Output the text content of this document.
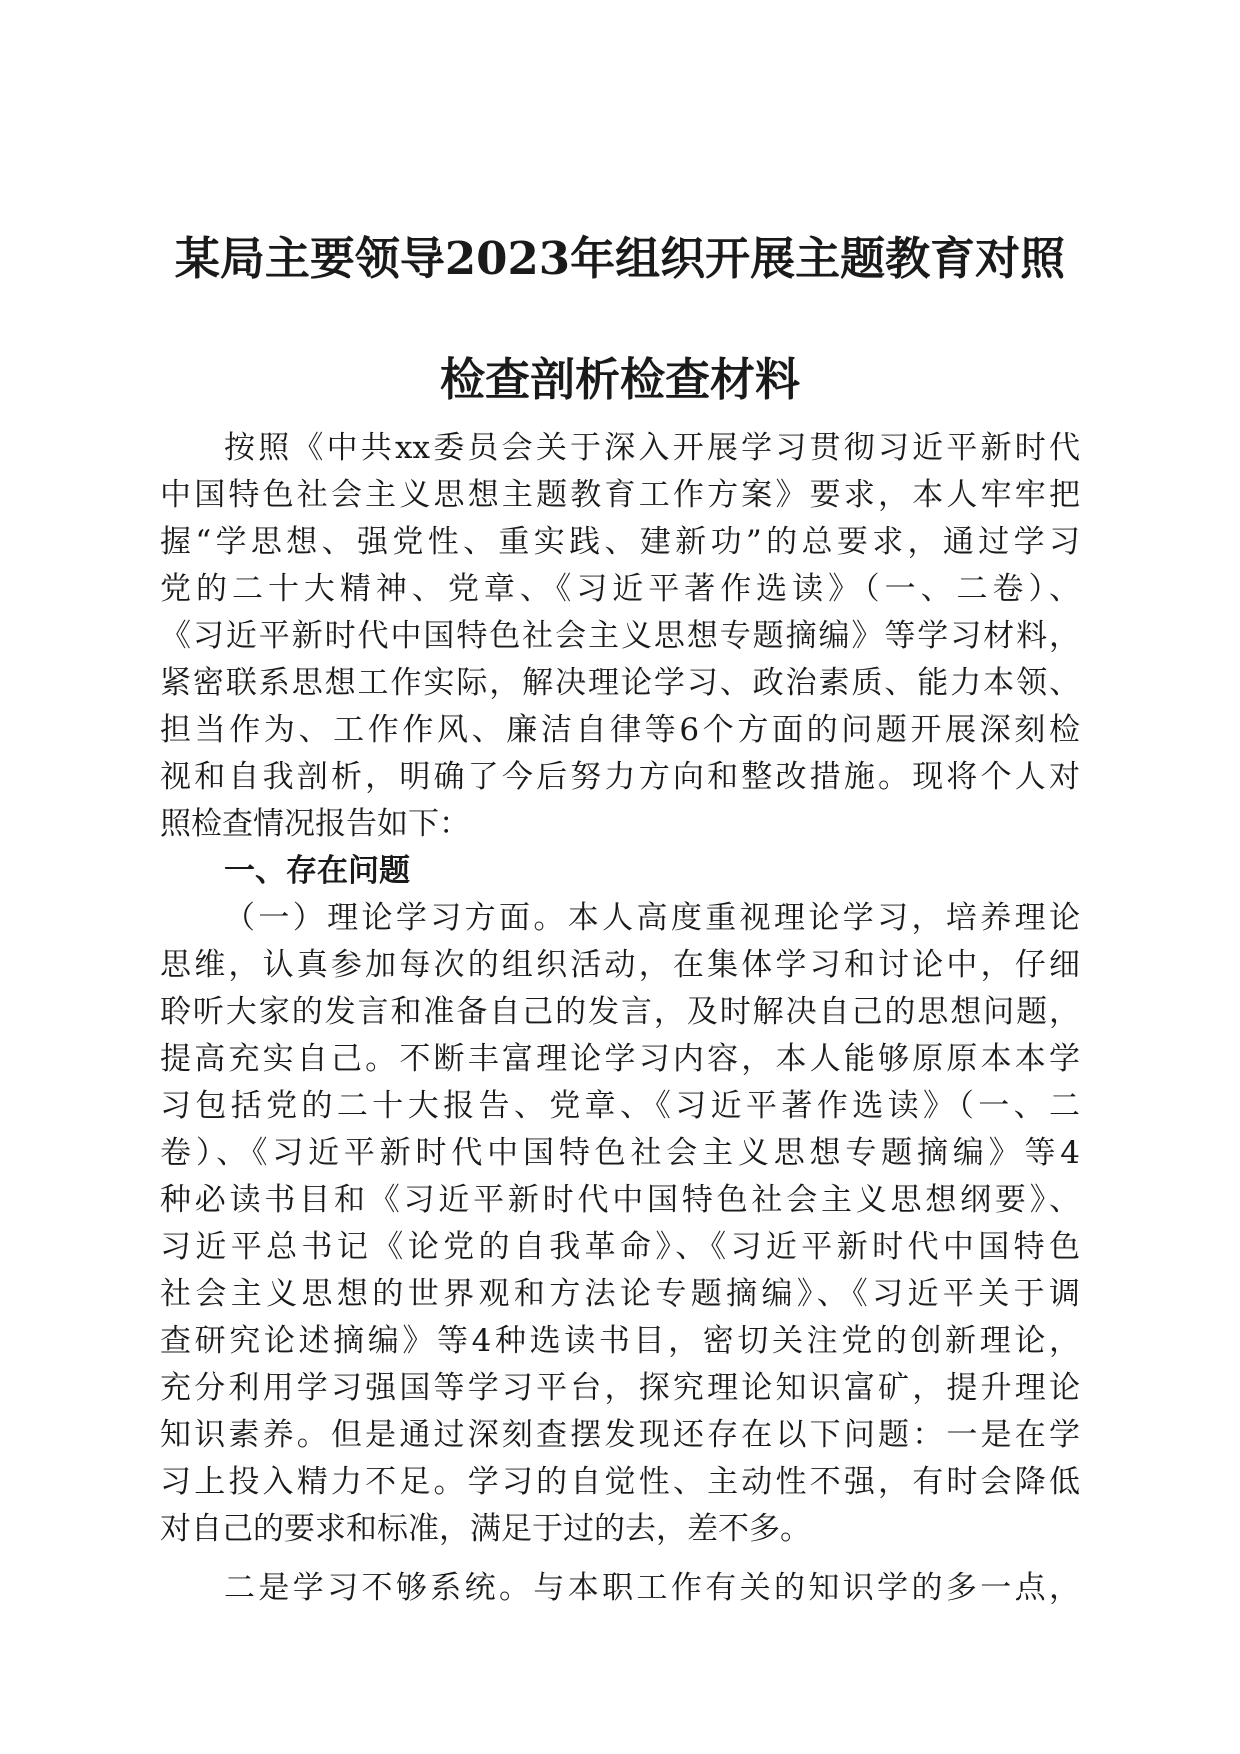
某局主要领导2023年组织开展主题教育对照
检查剖析检查材料
按照《中共xx委员会关于深入开展学习贯彻习近平新时代
中国特色社会主义思想主题教育工作方案》要求，本人牢牢把
握“学思想、强党性、重实践、建新功”的总要求，通过学习
党的二十大精神、党章、《习近平著作选读》（一、二卷）、
《习近平新时代中国特色社会主义思想专题摘编》等学习材料，
紧密联系思想工作实际，解决理论学习、政治素质、能力本领、
担当作为、工作作风、廉洁自律等6个方面的问题开展深刻检
视和自我剖析，明确了今后努力方向和整改措施。现将个人对
照检查情况报告如下：
一、存在问题
（一）理论学习方面。本人高度重视理论学习，培养理论
思维，认真参加每次的组织活动，在集体学习和讨论中，仔细
聆听大家的发言和准备自己的发言，及时解决自己的思想问题，
提高充实自己。不断丰富理论学习内容，本人能够原原本本学
习包括党的二十大报告、党章、《习近平著作选读》（一、二
卷）、《习近平新时代中国特色社会主义思想专题摘编》等4
种必读书目和《习近平新时代中国特色社会主义思想纲要》、
习近平总书记《论党的自我革命》、《习近平新时代中国特色
社会主义思想的世界观和方法论专题摘编》、《习近平关于调
查研究论述摘编》等4种选读书目，密切关注党的创新理论，
充分利用学习强国等学习平台，探究理论知识富矿，提升理论
知识素养。但是通过深刻查摆发现还存在以下问题：一是在学
习上投入精力不足。学习的自觉性、主动性不强，有时会降低
对自己的要求和标准，满足于过的去，差不多。
二是学习不够系统。与本职工作有关的知识学的多一点，
